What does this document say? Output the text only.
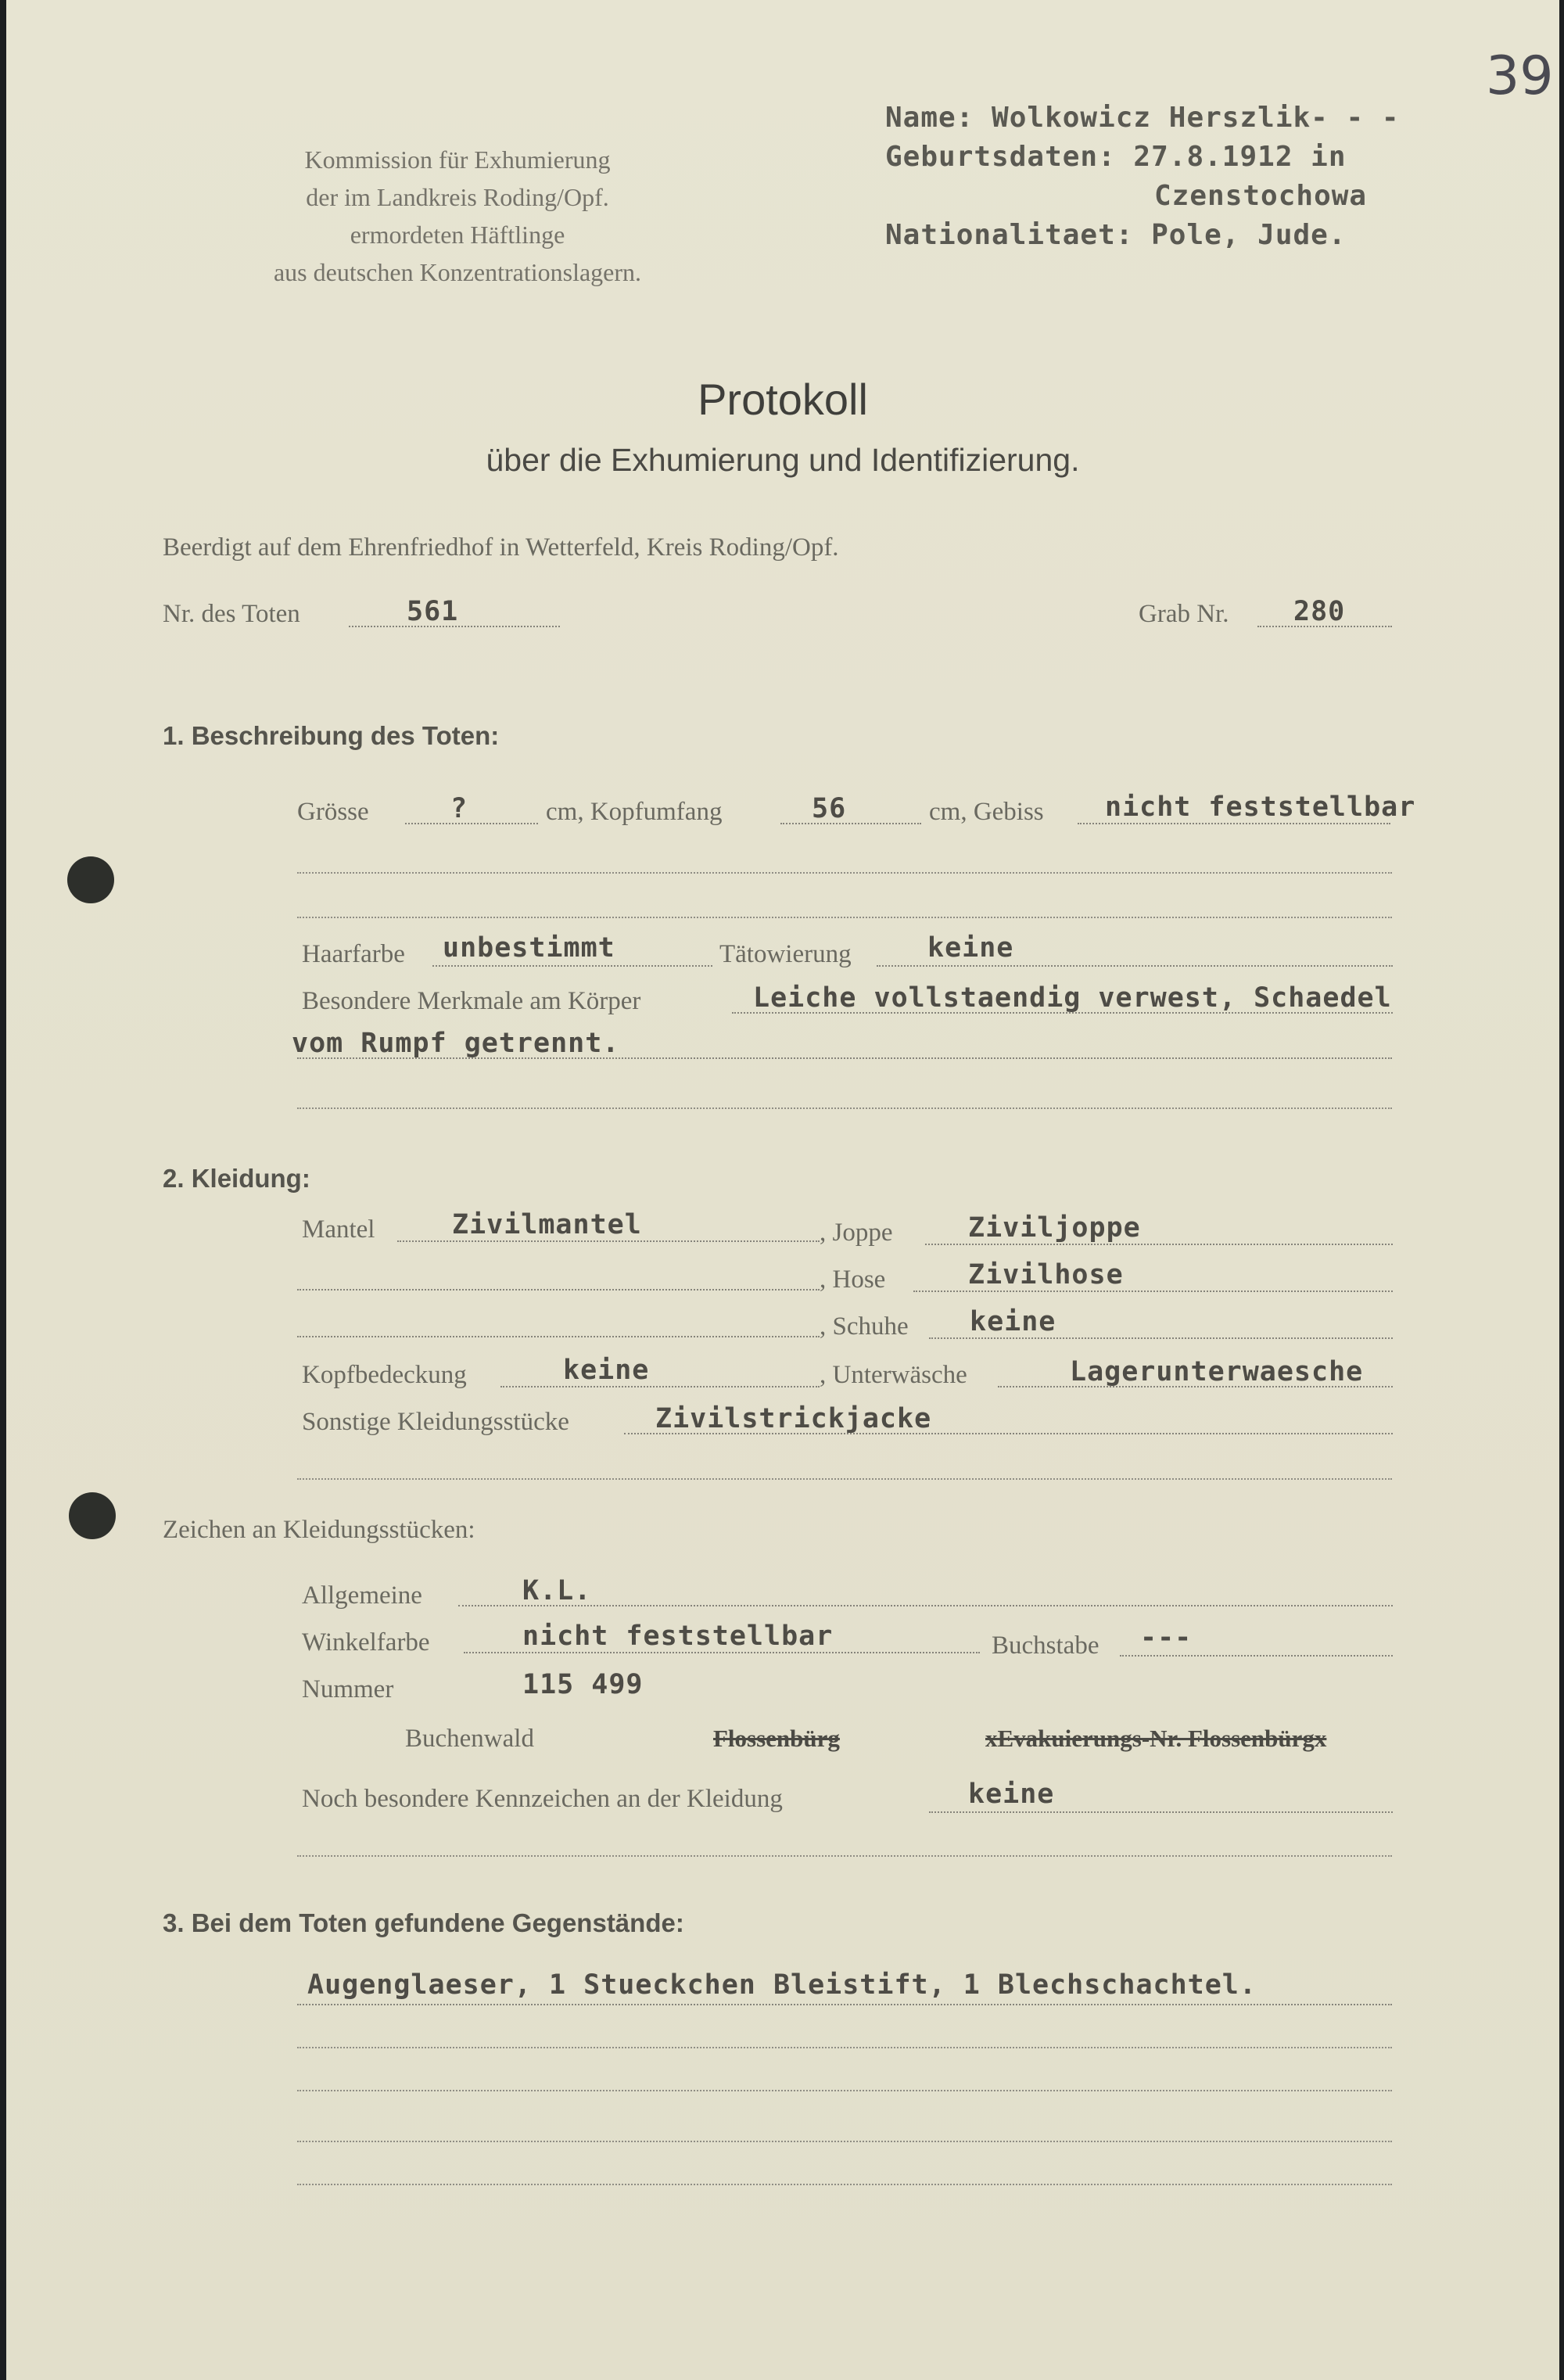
39
Kommission für Exhumierung
der im Landkreis Roding/Opf.
ermordeten Häftlinge
aus deutschen Konzentrationslagern.
Name: Wolkowicz Herszlik- - -
Geburtsdaten: 27.8.1912 in
Czenstochowa
Nationalitaet: Pole, Jude.
Protokoll
über die Exhumierung und Identifizierung.
Beerdigt auf dem Ehrenfriedhof in Wetterfeld, Kreis Roding/Opf.
Nr. des Toten	561	Grab Nr. 280
1. Beschreibung des Toten:
Grösse	?	cm, Kopfumfang	56	cm, Gebiss nicht feststellbar
Haarfarbe unbestimmt	Tätowierung	keine
Besondere Merkmale am Körper	Leiche vollstaendig verwest, Schaedel
vom Rumpf getrennt.
2. Kleidung:
Mantel	Zivilmantel	, Joppe	Ziviljoppe
, Hose	Zivilhose
, Schuhe keine
Kopfbedeckung	keine	, Unterwäsche	Lagerunterwaesche
Sonstige Kleidungsstücke	Zivilstrickjacke
Zeichen an Kleidungsstücken:
Allgemeine	K.L.
Winkelfarbe	nicht feststellbar	Buchstabe ---
Nummer	115 499
Buchenwald	Flossenbürg	xEvakuierungs-Nr. Flossenbürgx
Noch besondere Kennzeichen an der Kleidung	keine
3. Bei dem Toten gefundene Gegenstände:
Augenglaeser, 1 Stueckchen Bleistift, 1 Blechschachtel.
